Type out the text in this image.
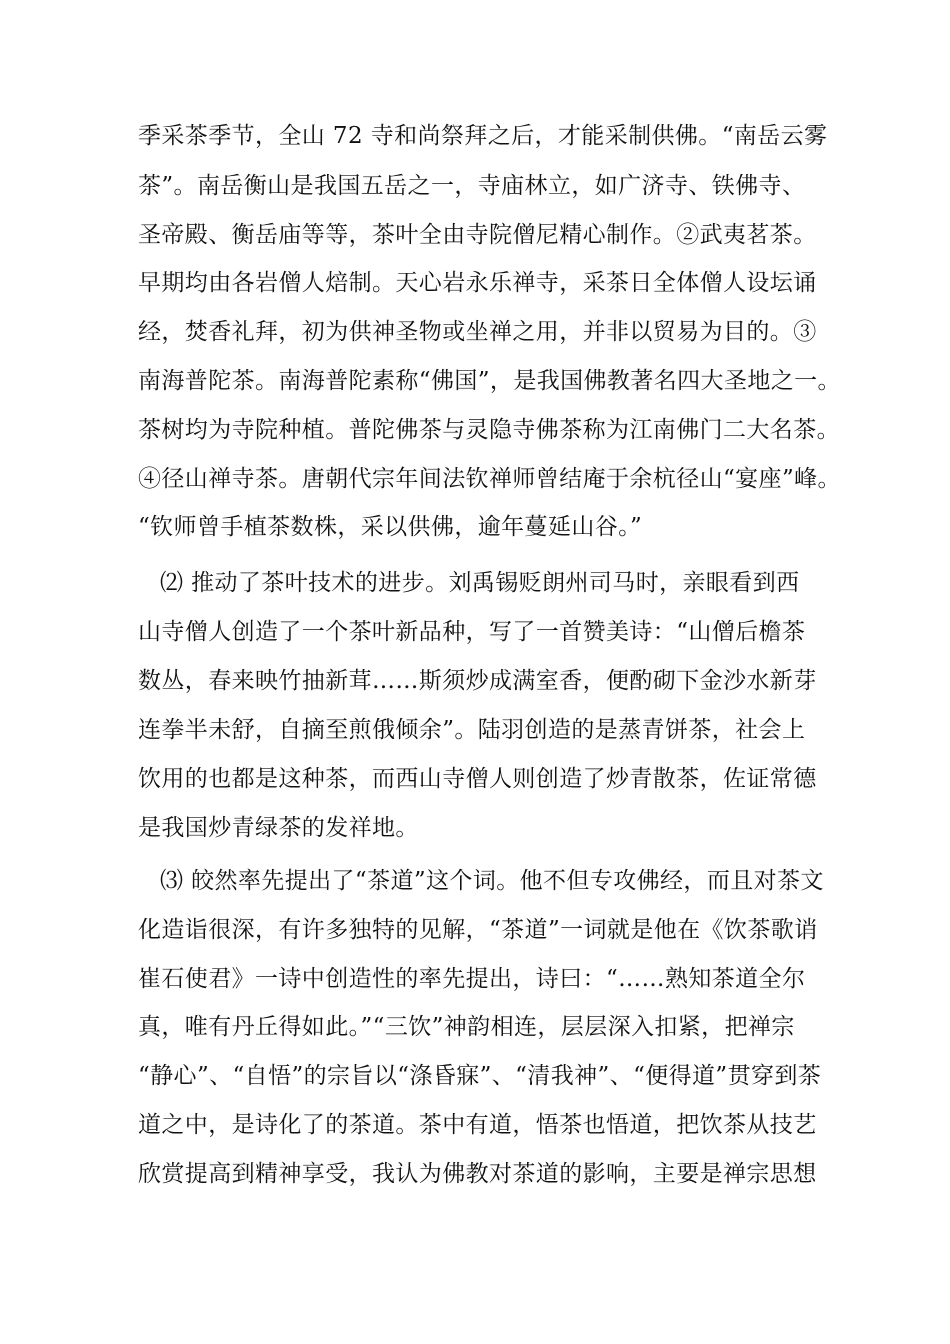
季采茶季节，全山 72 寺和尚祭拜之后，才能采制供佛。“南岳云雾
茶”。南岳衡山是我国五岳之一，寺庙林立，如广济寺、铁佛寺、
圣帝殿、衡岳庙等等，茶叶全由寺院僧尼精心制作。②武夷茗茶。
早期均由各岩僧人焙制。天心岩永乐禅寺，采茶日全体僧人设坛诵
经，焚香礼拜，初为供神圣物或坐禅之用，并非以贸易为目的。③
南海普陀茶。南海普陀素称“佛国”，是我国佛教著名四大圣地之一。
茶树均为寺院种植。普陀佛茶与灵隐寺佛茶称为江南佛门二大名茶。
④径山禅寺茶。唐朝代宗年间法钦禅师曾结庵于余杭径山“宴座”峰。
“钦师曾手植茶数株，采以供佛，逾年蔓延山谷。”
⑵ 推动了茶叶技术的进步。刘禹锡贬朗州司马时，亲眼看到西
山寺僧人创造了一个茶叶新品种，写了一首赞美诗：“山僧后檐茶
数丛，春来映竹抽新茸……斯须炒成满室香，便酌砌下金沙水新芽
连拳半未舒，自摘至煎俄倾余”。陆羽创造的是蒸青饼茶，社会上
饮用的也都是这种茶，而西山寺僧人则创造了炒青散茶，佐证常德
是我国炒青绿茶的发祥地。
⑶ 皎然率先提出了“茶道”这个词。他不但专攻佛经，而且对茶文
化造诣很深，有许多独特的见解，“茶道”一词就是他在《饮茶歌诮
崔石使君》一诗中创造性的率先提出，诗曰：“……熟知茶道全尔
真，唯有丹丘得如此。”“三饮”神韵相连，层层深入扣紧，把禅宗
“静心”、“自悟”的宗旨以“涤昏寐”、“清我神”、“便得道”贯穿到茶
道之中，是诗化了的茶道。茶中有道，悟茶也悟道，把饮茶从技艺
欣赏提高到精神享受，我认为佛教对茶道的影响，主要是禅宗思想
